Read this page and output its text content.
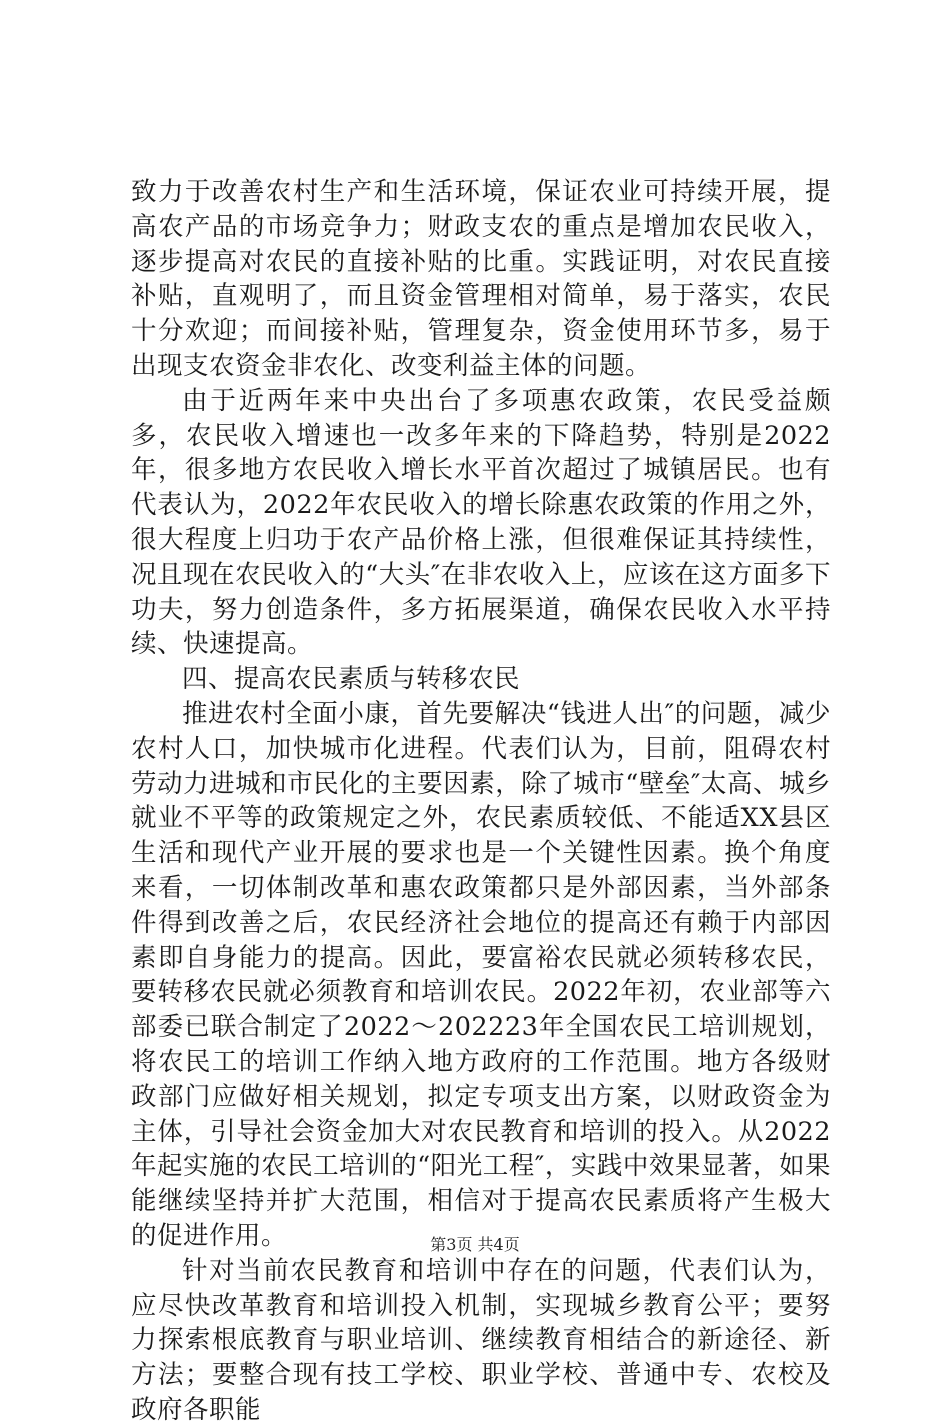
致力于改善农村生产和生活环境，保证农业可持续开展，提高农产品的市场竞争力；财政支农的重点是增加农民收入，逐步提高对农民的直接补贴的比重。实践证明，对农民直接补贴，直观明了，而且资金管理相对简单，易于落实，农民十分欢迎；而间接补贴，管理复杂，资金使用环节多，易于出现支农资金非农化、改变利益主体的问题。

由于近两年来中央出台了多项惠农政策，农民受益颇多，农民收入增速也一改多年来的下降趋势，特别是2022年，很多地方农民收入增长水平首次超过了城镇居民。也有代表认为，2022年农民收入的增长除惠农政策的作用之外，很大程度上归功于农产品价格上涨，但很难保证其持续性，况且现在农民收入的“大头″在非农收入上，应该在这方面多下功夫，努力创造条件，多方拓展渠道，确保农民收入水平持续、快速提高。

四、提高农民素质与转移农民

推进农村全面小康，首先要解决“钱进人出″的问题，减少农村人口，加快城市化进程。代表们认为，目前，阻碍农村劳动力进城和市民化的主要因素，除了城市“壁垒″太高、城乡就业不平等的政策规定之外，农民素质较低、不能适XX县区生活和现代产业开展的要求也是一个关键性因素。换个角度来看，一切体制改革和惠农政策都只是外部因素，当外部条件得到改善之后，农民经济社会地位的提高还有赖于内部因素即自身能力的提高。因此，要富裕农民就必须转移农民，要转移农民就必须教育和培训农民。2022年初，农业部等六部委已联合制定了2022～202223年全国农民工培训规划，将农民工的培训工作纳入地方政府的工作范围。地方各级财政部门应做好相关规划，拟定专项支出方案，以财政资金为主体，引导社会资金加大对农民教育和培训的投入。从2022年起实施的农民工培训的“阳光工程″，实践中效果显著，如果能继续坚持并扩大范围，相信对于提高农民素质将产生极大的促进作用。

针对当前农民教育和培训中存在的问题，代表们认为，应尽快改革教育和培训投入机制，实现城乡教育公平；要努力探索根底教育与职业培训、继续教育相结合的新途径、新方法；要整合现有技工学校、职业学校、普通中专、农校及政府各职能

第3页 共4页
